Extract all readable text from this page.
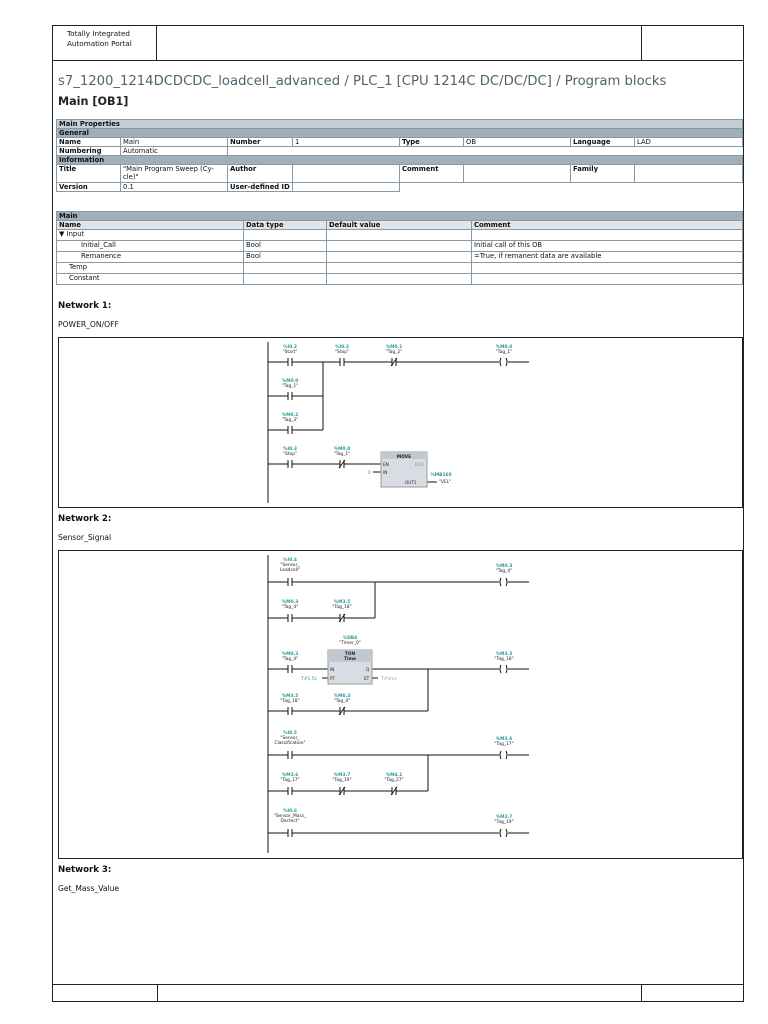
Totally Integrated
Automation Portal
s7_1200_1214DCDCDC_loadcell_advanced / PLC_1 [CPU 1214C DC/DC/DC] / Program blocks
Main [OB1]
Main Properties							
General							
Name	Main	Number	1	Type	OB	Language	LAD
Numbering	Automatic						
Information							
Title	"Main Program Sweep (Cy-
cle)"	Author		Comment		Family	
Version	0.1	User-defined ID					
Main			
Name	Data type	Default value	Comment
▼ Input			
Initial_Call	Bool		Initial call of this OB
Remanence	Bool		=True, if remanent data are available
Temp			
Constant			
Network 1:
POWER_ON/OFF
%I0.2	%I0.3	%M0.1	%M0.0
%M0.0
%M0.2
%I0.3	%M0.0
%MB160
"Start"	"Stop"	"Tag_2"	"Tag_1"
"Tag_1"
"Tag_3"
"Stop"	"Tag_1"
MOVE
"VEL"
EN	ENO
IN
0
OUT1
Network 2:
Sensor_Signal
%I0.4
%M0.3
%M0.3	%M3.5
%DB4
%M0.3	%M3.5
%M3.5	%M0.3
%I0.5
%M3.6
%M3.6	%M3.7	%M4.1
%I0.6
%M3.7
T#1.5s	T#0ms
"Sensor_
Loadcell"	"Tag_4"
"Tag_4"	"Tag_18"
"Timer_0"
TON
Time
"Tag_4"	"Tag_18"
"Tag_18"	"Tag_4"
"Sensor_
Classification"	"Tag_17"
"Tag_17"	"Tag_19"	"Tag_27"
"Sensor_Mass_
Dectect"	"Tag_19"
IN	Q
PT	ET
Network 3:
Get_Mass_Value
